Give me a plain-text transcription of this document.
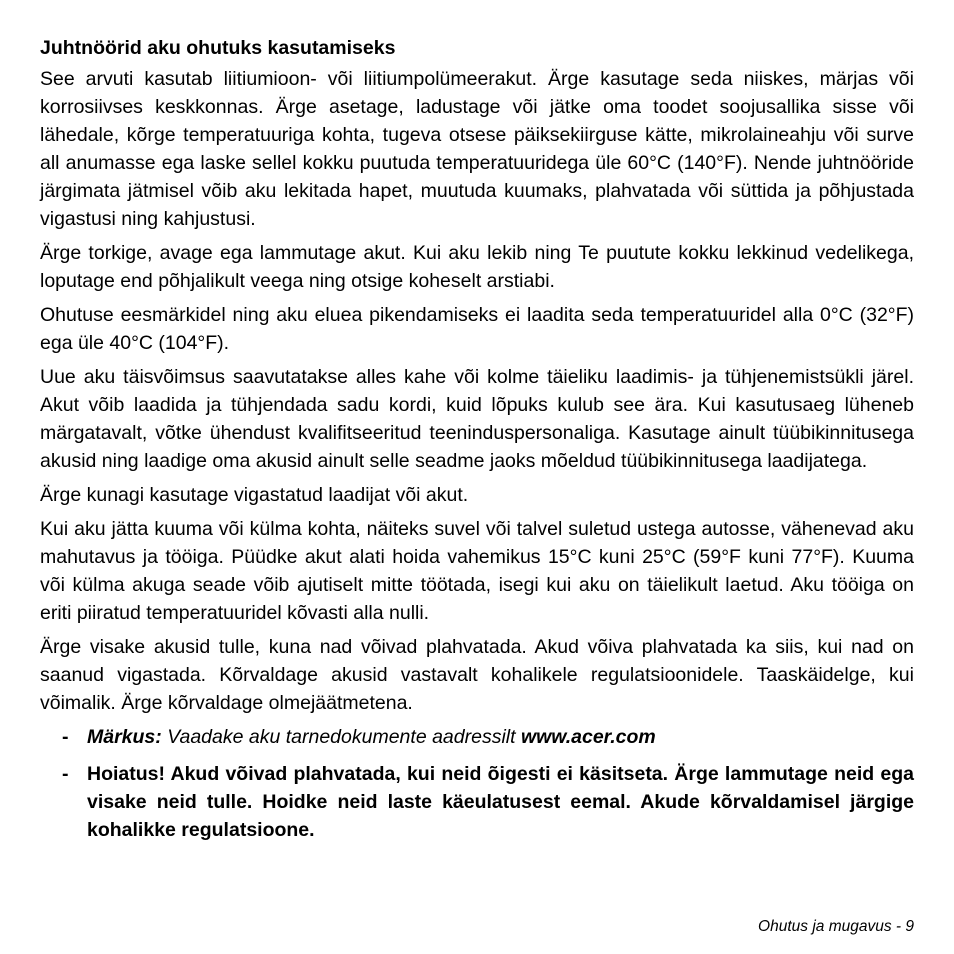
Juhtnöörid aku ohutuks kasutamiseks

See arvuti kasutab liitiumioon- või liitiumpolümeerakut. Ärge kasutage seda niiskes, märjas või korrosiivses keskkonnas. Ärge asetage, ladustage või jätke oma toodet soojusallika sisse või lähedale, kõrge temperatuuriga kohta, tugeva otsese päiksekiirguse kätte, mikrolaineahju või surve all anumasse ega laske sellel kokku puutuda temperatuuridega üle 60°C (140°F). Nende juhtnööride järgimata jätmisel võib aku lekitada hapet, muutuda kuumaks, plahvatada või süttida ja põhjustada vigastusi ning kahjustusi.

Ärge torkige, avage ega lammutage akut. Kui aku lekib ning Te puutute kokku lekkinud vedelikega, loputage end põhjalikult veega ning otsige koheselt arstiabi.

Ohutuse eesmärkidel ning aku eluea pikendamiseks ei laadita seda temperatuuridel alla 0°C (32°F) ega üle 40°C (104°F).

Uue aku täisvõimsus saavutatakse alles kahe või kolme täieliku laadimis- ja tühjenemistsükli järel. Akut võib laadida ja tühjendada sadu kordi, kuid lõpuks kulub see ära. Kui kasutusaeg lüheneb märgatavalt, võtke ühendust kvalifitseeritud teeninduspersonaliga. Kasutage ainult tüübikinnitusega akusid ning laadige oma akusid ainult selle seadme jaoks mõeldud tüübikinnitusega laadijatega.

Ärge kunagi kasutage vigastatud laadijat või akut.

Kui aku jätta kuuma või külma kohta, näiteks suvel või talvel suletud ustega autosse, vähenevad aku mahutavus ja tööiga. Püüdke akut alati hoida vahemikus 15°C kuni 25°C (59°F kuni 77°F). Kuuma või külma akuga seade võib ajutiselt mitte töötada, isegi kui aku on täielikult laetud. Aku tööiga on eriti piiratud temperatuuridel kõvasti alla nulli.

Ärge visake akusid tulle, kuna nad võivad plahvatada. Akud võiva plahvatada ka siis, kui nad on saanud vigastada. Kõrvaldage akusid vastavalt kohalikele regulatsioonidele. Taaskäidelge, kui võimalik. Ärge kõrvaldage olmejäätmetena.

- Märkus: Vaadake aku tarnedokumente aadressilt www.acer.com
- Hoiatus! Akud võivad plahvatada, kui neid õigesti ei käsitseta. Ärge lammutage neid ega visake neid tulle. Hoidke neid laste käeulatusest eemal. Akude kõrvaldamisel järgige kohalikke regulatsioone.
Ohutus ja mugavus - 9
